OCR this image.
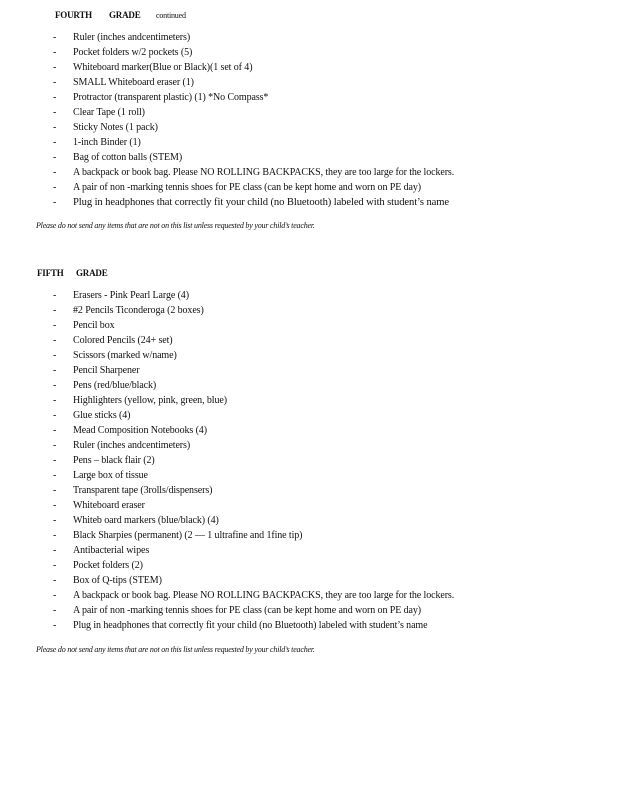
FOURTH GRADE continued
- Ruler (inches andcentimeters)
- Pocket folders w/2 pockets (5)
- Whiteboard marker(Blue or Black)(1 set of 4)
- SMALL Whiteboard eraser (1)
- Protractor (transparent plastic) (1) *No Compass*
- Clear Tape (1 roll)
- Sticky Notes (1 pack)
- 1-inch Binder (1)
- Bag of cotton balls (STEM)
- A backpack or book bag. Please NO ROLLING BACKPACKS, they are too large for the lockers.
- A pair of non -marking tennis shoes for PE class (can be kept home and worn on PE day)
- Plug in headphones that correctly fit your child (no Bluetooth) labeled with student’s name
Please do not send any items that are not on this list unless requested by your child’s teacher.
FIFTH GRADE
- Erasers - Pink Pearl Large (4)
- #2 Pencils Ticonderoga (2 boxes)
- Pencil box
- Colored Pencils (24+ set)
- Scissors (marked w/name)
- Pencil Sharpener
- Pens (red/blue/black)
- Highlighters (yellow, pink, green, blue)
- Glue sticks (4)
- Mead Composition Notebooks (4)
- Ruler (inches andcentimeters)
- Pens – black flair (2)
- Large box of tissue
- Transparent tape (3rolls/dispensers)
- Whiteboard eraser
- Whiteb oard markers (blue/black) (4)
- Black Sharpies (permanent) (2 — 1 ultrafine and 1fine tip)
- Antibacterial wipes
- Pocket folders (2)
- Box of Q-tips (STEM)
- A backpack or book bag. Please NO ROLLING BACKPACKS, they are too large for the lockers.
- A pair of non -marking tennis shoes for PE class (can be kept home and worn on PE day)
- Plug in headphones that correctly fit your child (no Bluetooth) labeled with student’s name
Please do not send any items that are not on this list unless requested by your child’s teacher.
